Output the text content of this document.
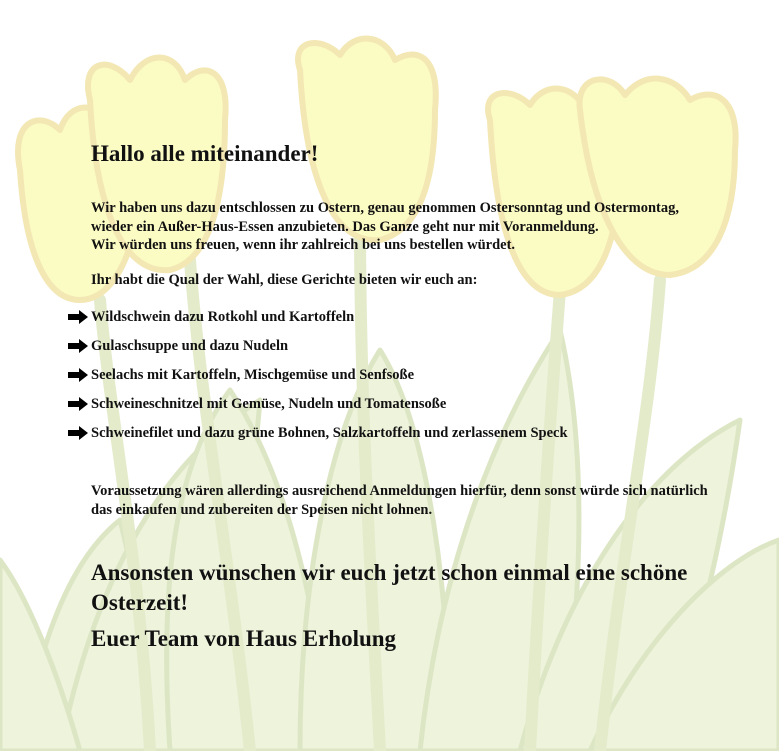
Hallo alle miteinander!

Wir haben uns dazu entschlossen zu Ostern, genau genommen Ostersonntag und Ostermontag,
wieder ein Außer-Haus-Essen anzubieten. Das Ganze geht nur mit Voranmeldung.
Wir würden uns freuen, wenn ihr zahlreich bei uns bestellen würdet.

Ihr habt die Qual der Wahl, diese Gerichte bieten wir euch an:

Wildschwein dazu Rotkohl und Kartoffeln
Gulaschsuppe und dazu Nudeln
Seelachs mit Kartoffeln, Mischgemüse und Senfsoße
Schweineschnitzel mit Gemüse, Nudeln und Tomatensoße
Schweinefilet und dazu grüne Bohnen, Salzkartoffeln und zerlassenem Speck

Voraussetzung wären allerdings ausreichend Anmeldungen hierfür, denn sonst würde sich natürlich das einkaufen und zubereiten der Speisen nicht lohnen.

Ansonsten wünschen wir euch jetzt schon einmal eine schöne Osterzeit!
Euer Team von Haus Erholung
